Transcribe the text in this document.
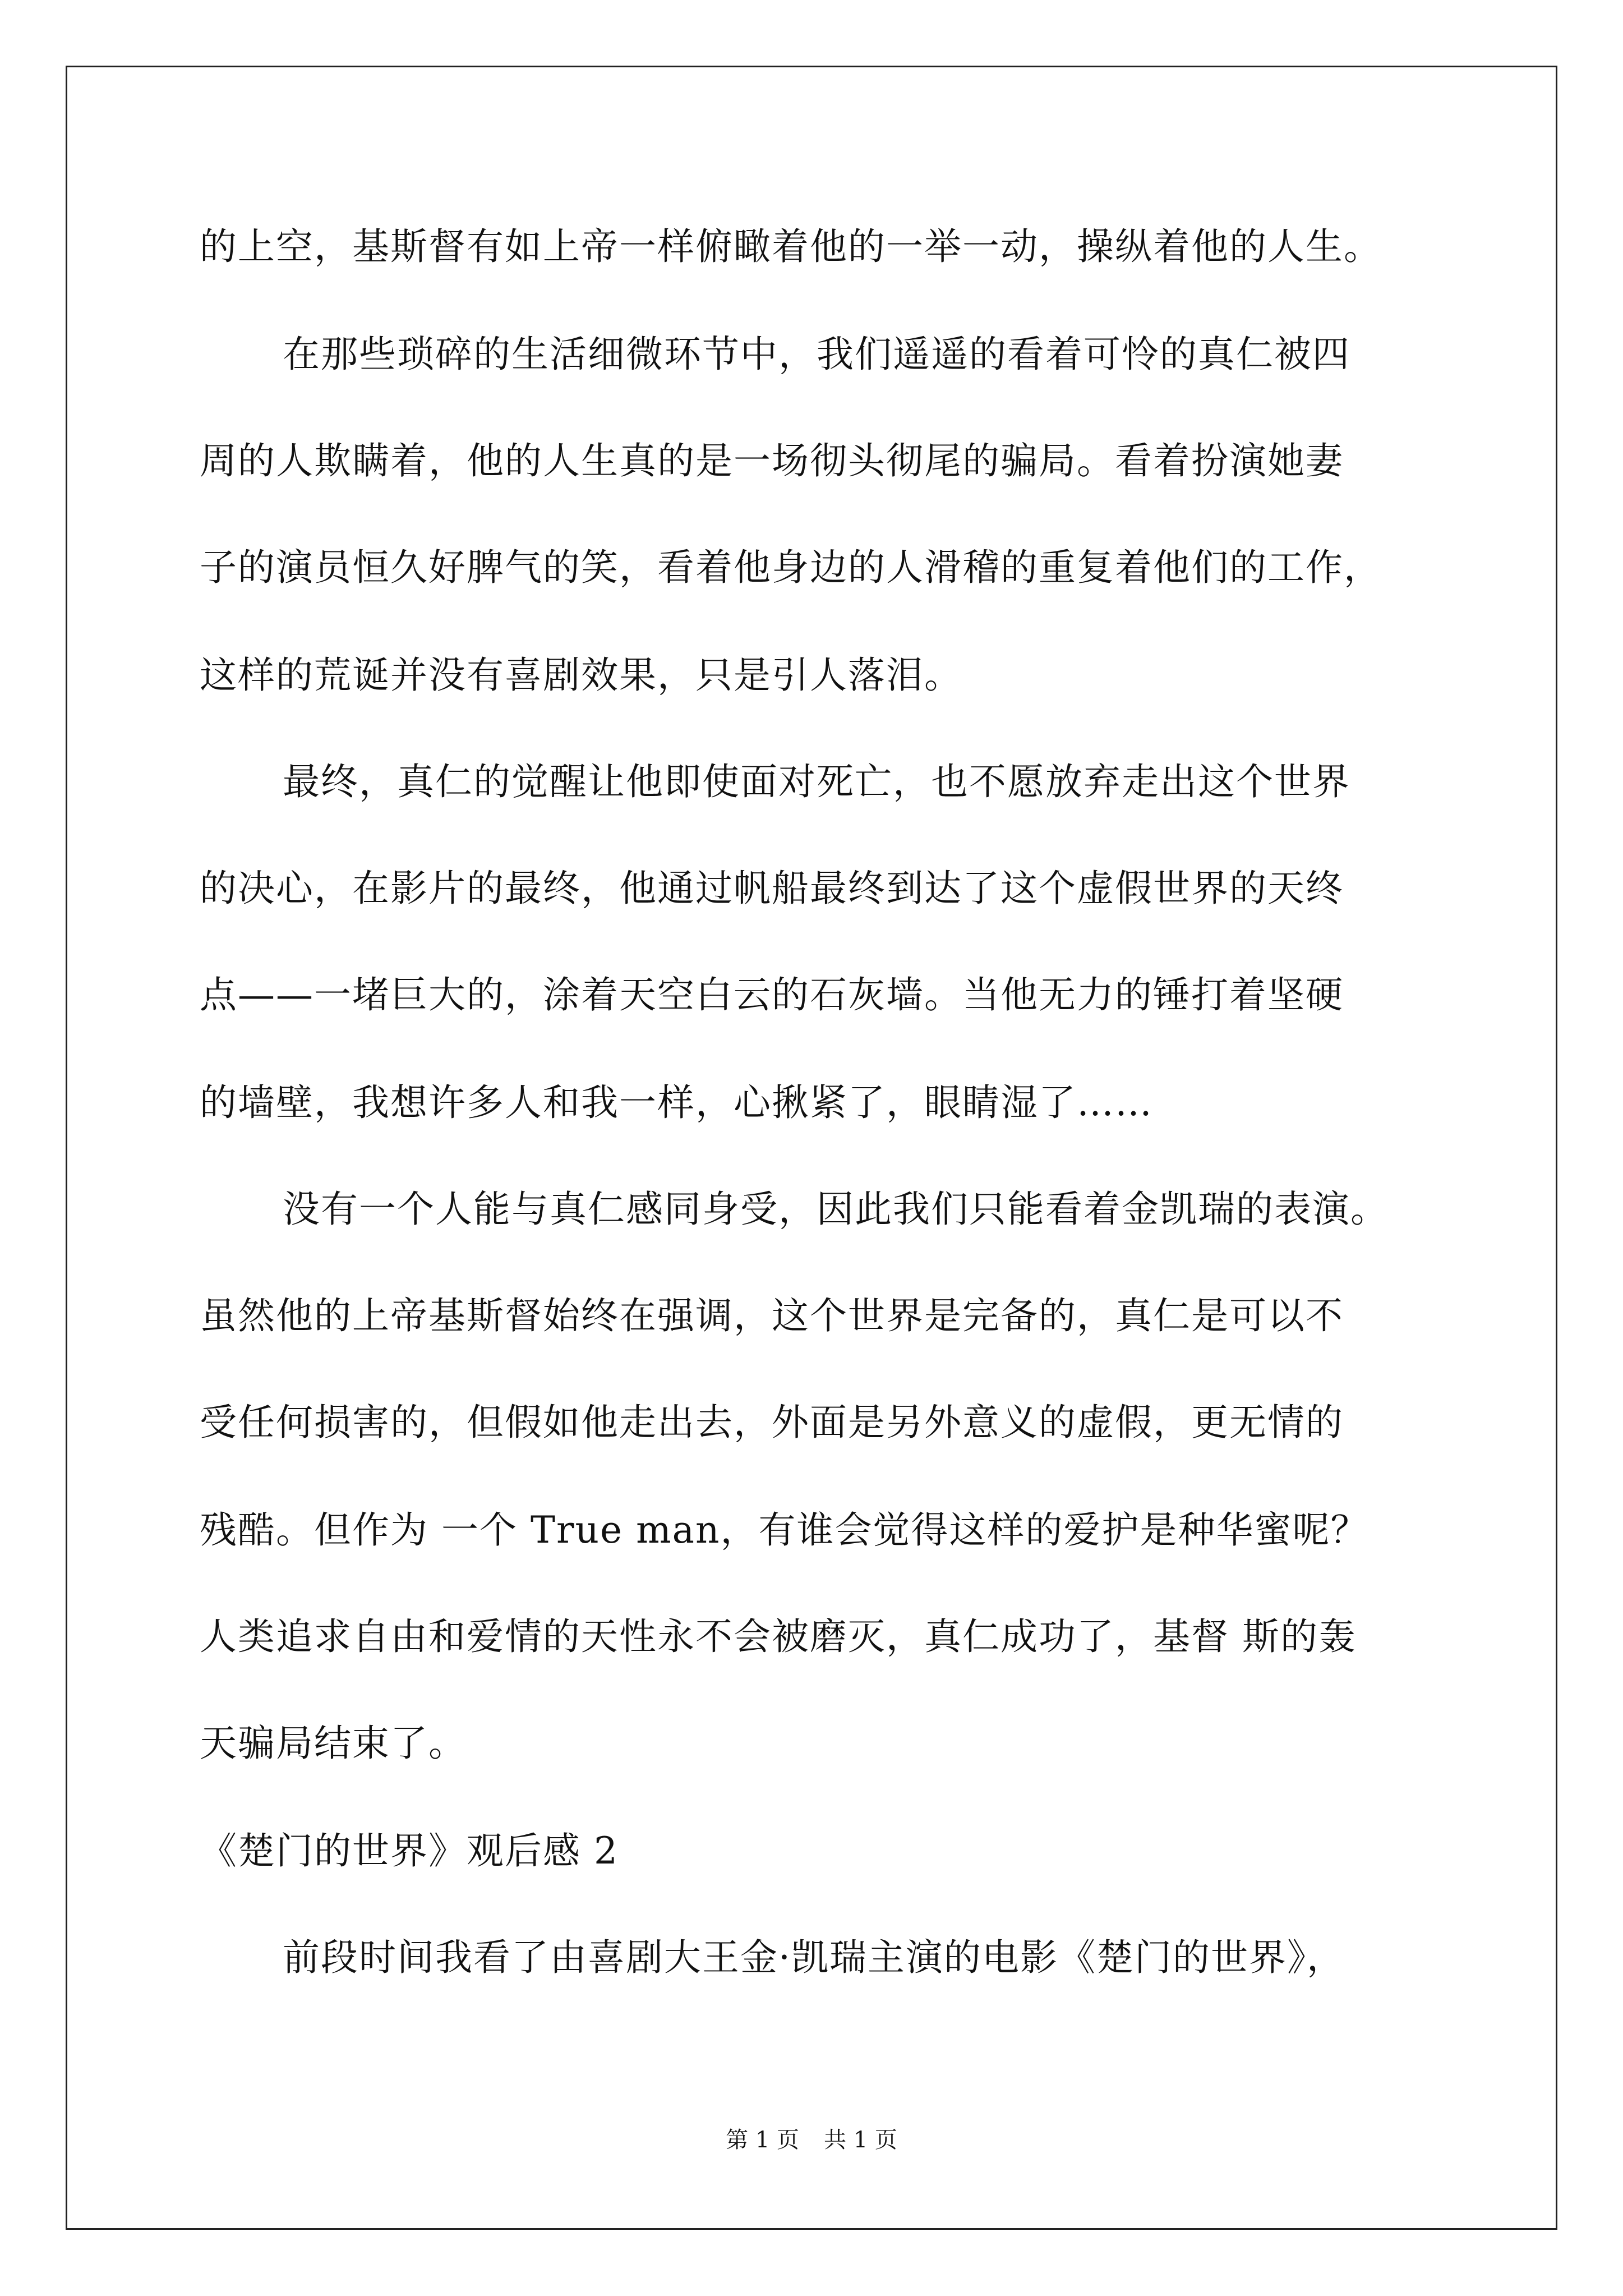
的上空，基斯督有如上帝一样俯瞰着他的一举一动，操纵着他的人生。
在那些琐碎的生活细微环节中，我们遥遥的看着可怜的真仁被四
周的人欺瞒着，他的人生真的是一场彻头彻尾的骗局。看着扮演她妻
子的演员恒久好脾气的笑，看着他身边的人滑稽的重复着他们的工作，
这样的荒诞并没有喜剧效果，只是引人落泪。
最终，真仁的觉醒让他即使面对死亡，也不愿放弃走出这个世界
的决心，在影片的最终，他通过帆船最终到达了这个虚假世界的天终
点——一堵巨大的，涂着天空白云的石灰墙。当他无力的锤打着坚硬
的墙壁，我想许多人和我一样，心揪紧了，眼睛湿了……
没有一个人能与真仁感同身受，因此我们只能看着金凯瑞的表演。
虽然他的上帝基斯督始终在强调，这个世界是完备的，真仁是可以不
受任何损害的，但假如他走出去，外面是另外意义的虚假，更无情的
残酷。但作为 一个 True man，有谁会觉得这样的爱护是种华蜜呢？
人类追求自由和爱情的天性永不会被磨灭，真仁成功了，基督 斯的轰
天骗局结束了。
《楚门的世界》观后感 2
前段时间我看了由喜剧大王金·凯瑞主演的电影《楚门的世界》，
第 1 页 共 1 页
